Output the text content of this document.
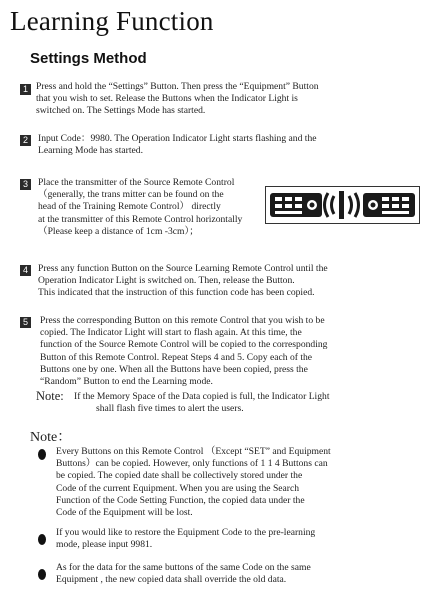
Learning Function
Settings Method
1 Press and hold the “Settings” Button. Then press the “Equipment” Button
that you wish to set. Release the Buttons when the Indicator Light is
switched on. The Settings Mode has started.
2	Input Code：9980. The Operation Indicator Light starts flashing and the
Learning Mode has started.
3	Place the transmitter of the Source Remote Control
（generally, the trans mitter can be found on the
head of the Training Remote Control） directly
at the transmitter of this Remote Control horizontally
（Please keep a distance of 1cm -3cm）；
4	Press any function Button on the Source Learning Remote Control until the
Operation Indicator Light is switched on. Then, release the Button.
This indicated that the instruction of this function code has been copied.
5	Press the corresponding Button on this remote Control that you wish to be
copied. The Indicator Light will start to flash again. At this time, the
function of the Source Remote Control will be copied to the corresponding
Button of this Remote Control. Repeat Steps 4 and 5. Copy each of the
Buttons one by one. When all the Buttons have been copied, press the
“Random” Button to end the Learning mode.
Note: If the Memory Space of the Data copied is full, the Indicator Light
shall flash five times to alert the users.
Note：
Every Buttons on this Remote Control （Except “SET” and Equipment
Buttons）can be copied. However, only functions of 1 1 4 Buttons can
be copied. The copied date shall be collectively stored under the
Code of the current Equipment. When you are using the Search
Function of the Code Setting Function, the copied data under the
Code of the Equipment will be lost.
If you would like to restore the Equipment Code to the pre-learning
mode, please input 9981.
As for the data for the same buttons of the same Code on the same
Equipment , the new copied data shall override the old data.
